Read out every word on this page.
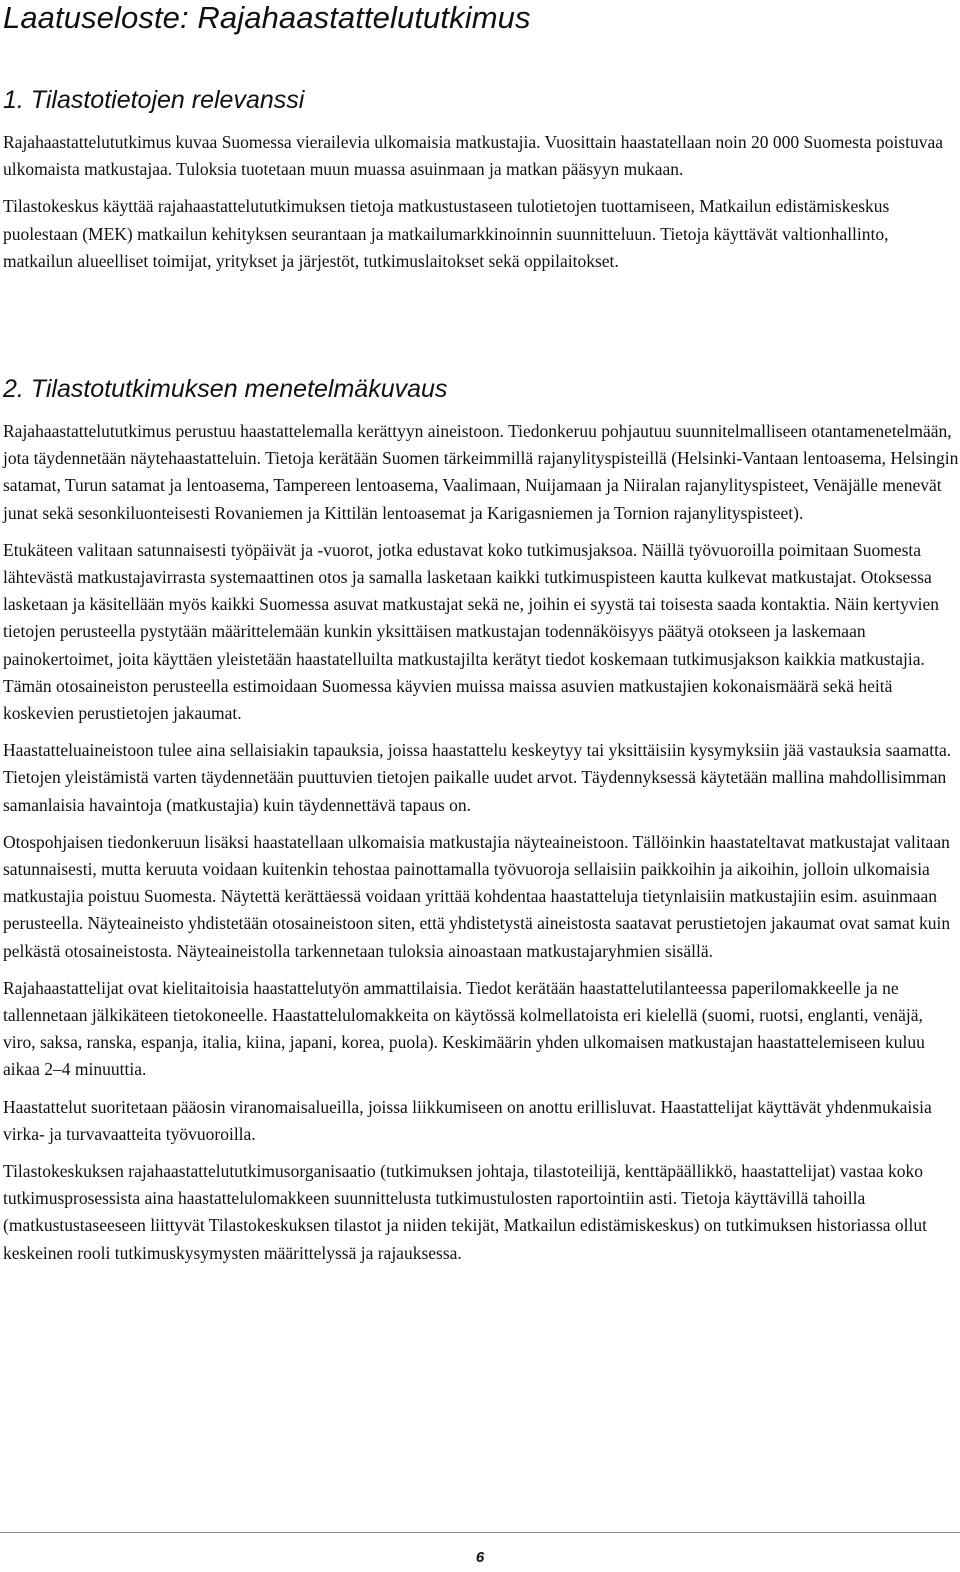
Laatuseloste: Rajahaastattelututkimus
1. Tilastotietojen relevanssi

Rajahaastattelututkimus kuvaa Suomessa vierailevia ulkomaisia matkustajia. Vuosittain haastatellaan noin 20 000 Suomesta poistuvaa ulkomaista matkustajaa. Tuloksia tuotetaan muun muassa asuinmaan ja matkan pääsyyn mukaan.

Tilastokeskus käyttää rajahaastattelututkimuksen tietoja matkustustaseen tulotietojen tuottamiseen, Matkailun edistämiskeskus puolestaan (MEK) matkailun kehityksen seurantaan ja matkailumarkkinoinnin suunnitteluun. Tietoja käyttävät valtionhallinto, matkailun alueelliset toimijat, yritykset ja järjestöt, tutkimuslaitokset sekä oppilaitokset.

2. Tilastotutkimuksen menetelmäkuvaus

Rajahaastattelututkimus perustuu haastattelemalla kerättyyn aineistoon. Tiedonkeruu pohjautuu suunnitelmalliseen otantamenetelmään, jota täydennetään näytehaastatteluin. Tietoja kerätään Suomen tärkeimmillä rajanylityspisteillä (Helsinki-Vantaan lentoasema, Helsingin satamat, Turun satamat ja lentoasema, Tampereen lentoasema, Vaalimaan, Nuijamaan ja Niiralan rajanylityspisteet, Venäjälle menevät junat sekä sesonkiluonteisesti Rovaniemen ja Kittilän lentoasemat ja Karigasniemen ja Tornion rajanylityspisteet).

Etukäteen valitaan satunnaisesti työpäivät ja -vuorot, jotka edustavat koko tutkimusjaksoa. Näillä työvuoroilla poimitaan Suomesta lähtevästä matkustajavirrasta systemaattinen otos ja samalla lasketaan kaikki tutkimuspisteen kautta kulkevat matkustajat. Otoksessa lasketaan ja käsitellään myös kaikki Suomessa asuvat matkustajat sekä ne, joihin ei syystä tai toisesta saada kontaktia. Näin kertyvien tietojen perusteella pystytään määrittelemään kunkin yksittäisen matkustajan todennäköisyys päätyä otokseen ja laskemaan painokertoimet, joita käyttäen yleistetään haastatelluilta matkustajilta kerätyt tiedot koskemaan tutkimusjakson kaikkia matkustajia. Tämän otosaineiston perusteella estimoidaan Suomessa käyvien muissa maissa asuvien matkustajien kokonaismäärä sekä heitä koskevien perustietojen jakaumat.

Haastatteluaineistoon tulee aina sellaisiakin tapauksia, joissa haastattelu keskeytyy tai yksittäisiin kysymyksiin jää vastauksia saamatta. Tietojen yleistämistä varten täydennetään puuttuvien tietojen paikalle uudet arvot. Täydennyksessä käytetään mallina mahdollisimman samanlaisia havaintoja (matkustajia) kuin täydennettävä tapaus on.

Otospohjaisen tiedonkeruun lisäksi haastatellaan ulkomaisia matkustajia näyteaineistoon. Tällöinkin haastateltavat matkustajat valitaan satunnaisesti, mutta keruuta voidaan kuitenkin tehostaa painottamalla työvuoroja sellaisiin paikkoihin ja aikoihin, jolloin ulkomaisia matkustajia poistuu Suomesta. Näytettä kerättäessä voidaan yrittää kohdentaa haastatteluja tietynlaisiin matkustajiin esim. asuinmaan perusteella. Näyteaineisto yhdistetään otosaineistoon siten, että yhdistetystä aineistosta saatavat perustietojen jakaumat ovat samat kuin pelkästä otosaineistosta. Näyteaineistolla tarkennetaan tuloksia ainoastaan matkustajaryhmien sisällä.

Rajahaastattelijat ovat kielitaitoisia haastattelutyön ammattilaisia. Tiedot kerätään haastattelutilanteessa paperilomakkeelle ja ne tallennetaan jälkikäteen tietokoneelle. Haastattelulomakkeita on käytössä kolmellatoista eri kielellä (suomi, ruotsi, englanti, venäjä, viro, saksa, ranska, espanja, italia, kiina, japani, korea, puola). Keskimäärin yhden ulkomaisen matkustajan haastattelemiseen kuluu aikaa 2–4 minuuttia.

Haastattelut suoritetaan pääosin viranomaisalueilla, joissa liikkumiseen on anottu erillisluvat. Haastattelijat käyttävät yhdenmukaisia virka- ja turvavaatteita työvuoroilla.

Tilastokeskuksen rajahaastattelututkimusorganisaatio (tutkimuksen johtaja, tilastoteilijä, kenttäpäällikkö, haastattelijat) vastaa koko tutkimusprosessista aina haastattelulomakkeen suunnittelusta tutkimustulosten raportointiin asti. Tietoja käyttävillä tahoilla (matkustustaseeseen liittyvät Tilastokeskuksen tilastot ja niiden tekijät, Matkailun edistämiskeskus) on tutkimuksen historiassa ollut keskeinen rooli tutkimuskysymysten määrittelyssä ja rajauksessa.

6
